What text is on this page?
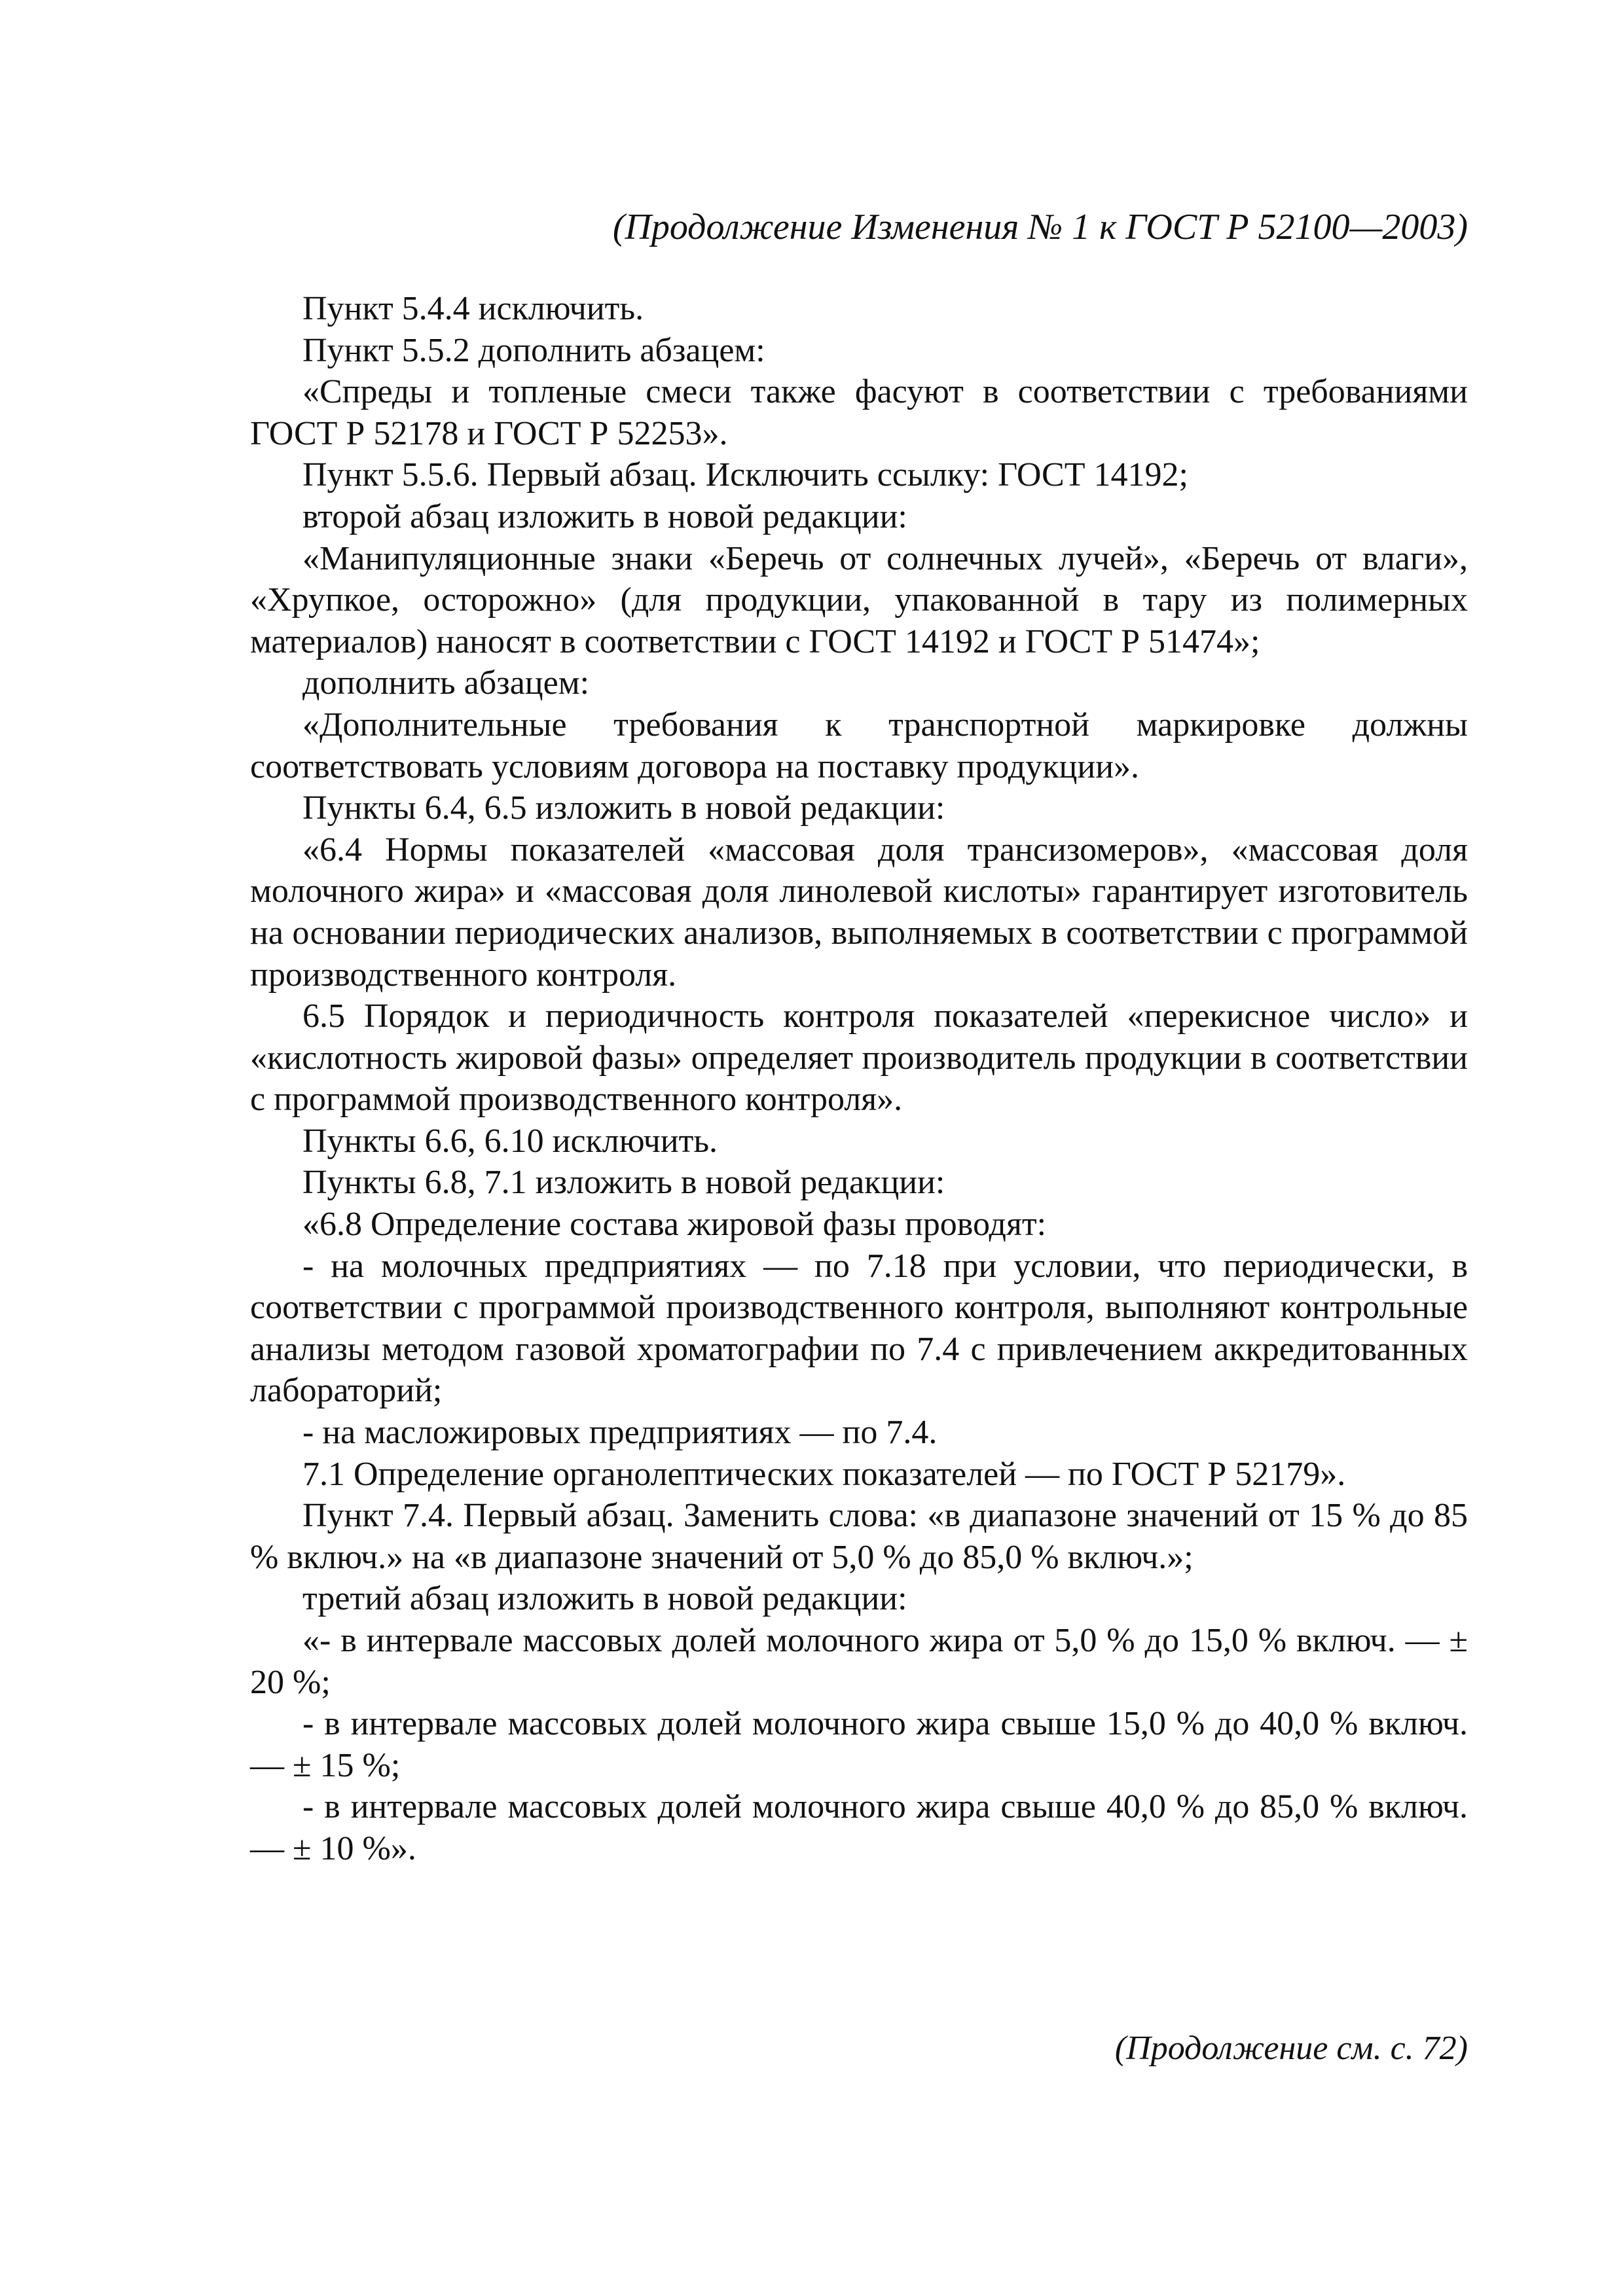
(Продолжение Изменения № 1 к ГОСТ Р 52100—2003)

Пункт 5.4.4 исключить.

Пункт 5.5.2 дополнить абзацем:

«Спреды и топленые смеси также фасуют в соответствии с требованиями ГОСТ Р 52178 и ГОСТ Р 52253».

Пункт 5.5.6. Первый абзац. Исключить ссылку: ГОСТ 14192;

второй абзац изложить в новой редакции:

«Манипуляционные знаки «Беречь от солнечных лучей», «Беречь от влаги», «Хрупкое, осторожно» (для продукции, упакованной в тару из полимерных материалов) наносят в соответствии с ГОСТ 14192 и ГОСТ Р 51474»;

дополнить абзацем:

«Дополнительные требования к транспортной маркировке должны соответствовать условиям договора на поставку продукции».

Пункты 6.4, 6.5 изложить в новой редакции:

«6.4 Нормы показателей «массовая доля трансизомеров», «массовая доля молочного жира» и «массовая доля линолевой кислоты» гарантирует изготовитель на основании периодических анализов, выполняемых в соответствии с программой производственного контроля.

6.5 Порядок и периодичность контроля показателей «перекисное число» и «кислотность жировой фазы» определяет производитель продукции в соответствии с программой производственного контроля».

Пункты 6.6, 6.10 исключить.

Пункты 6.8, 7.1 изложить в новой редакции:

«6.8 Определение состава жировой фазы проводят:

- на молочных предприятиях — по 7.18 при условии, что периодически, в соответствии с программой производственного контроля, выполняют контрольные анализы методом газовой хроматографии по 7.4 с привлечением аккредитованных лабораторий;

- на масложировых предприятиях — по 7.4.

7.1 Определение органолептических показателей — по ГОСТ Р 52179».

Пункт 7.4. Первый абзац. Заменить слова: «в диапазоне значений от 15 % до 85 % включ.» на «в диапазоне значений от 5,0 % до 85,0 % включ.»;

третий абзац изложить в новой редакции:

«- в интервале массовых долей молочного жира от 5,0 % до 15,0 % включ. — ± 20 %;

- в интервале массовых долей молочного жира свыше 15,0 % до 40,0 % включ. — ± 15 %;

- в интервале массовых долей молочного жира свыше 40,0 % до 85,0 % включ. — ± 10 %».

(Продолжение см. с. 72)
